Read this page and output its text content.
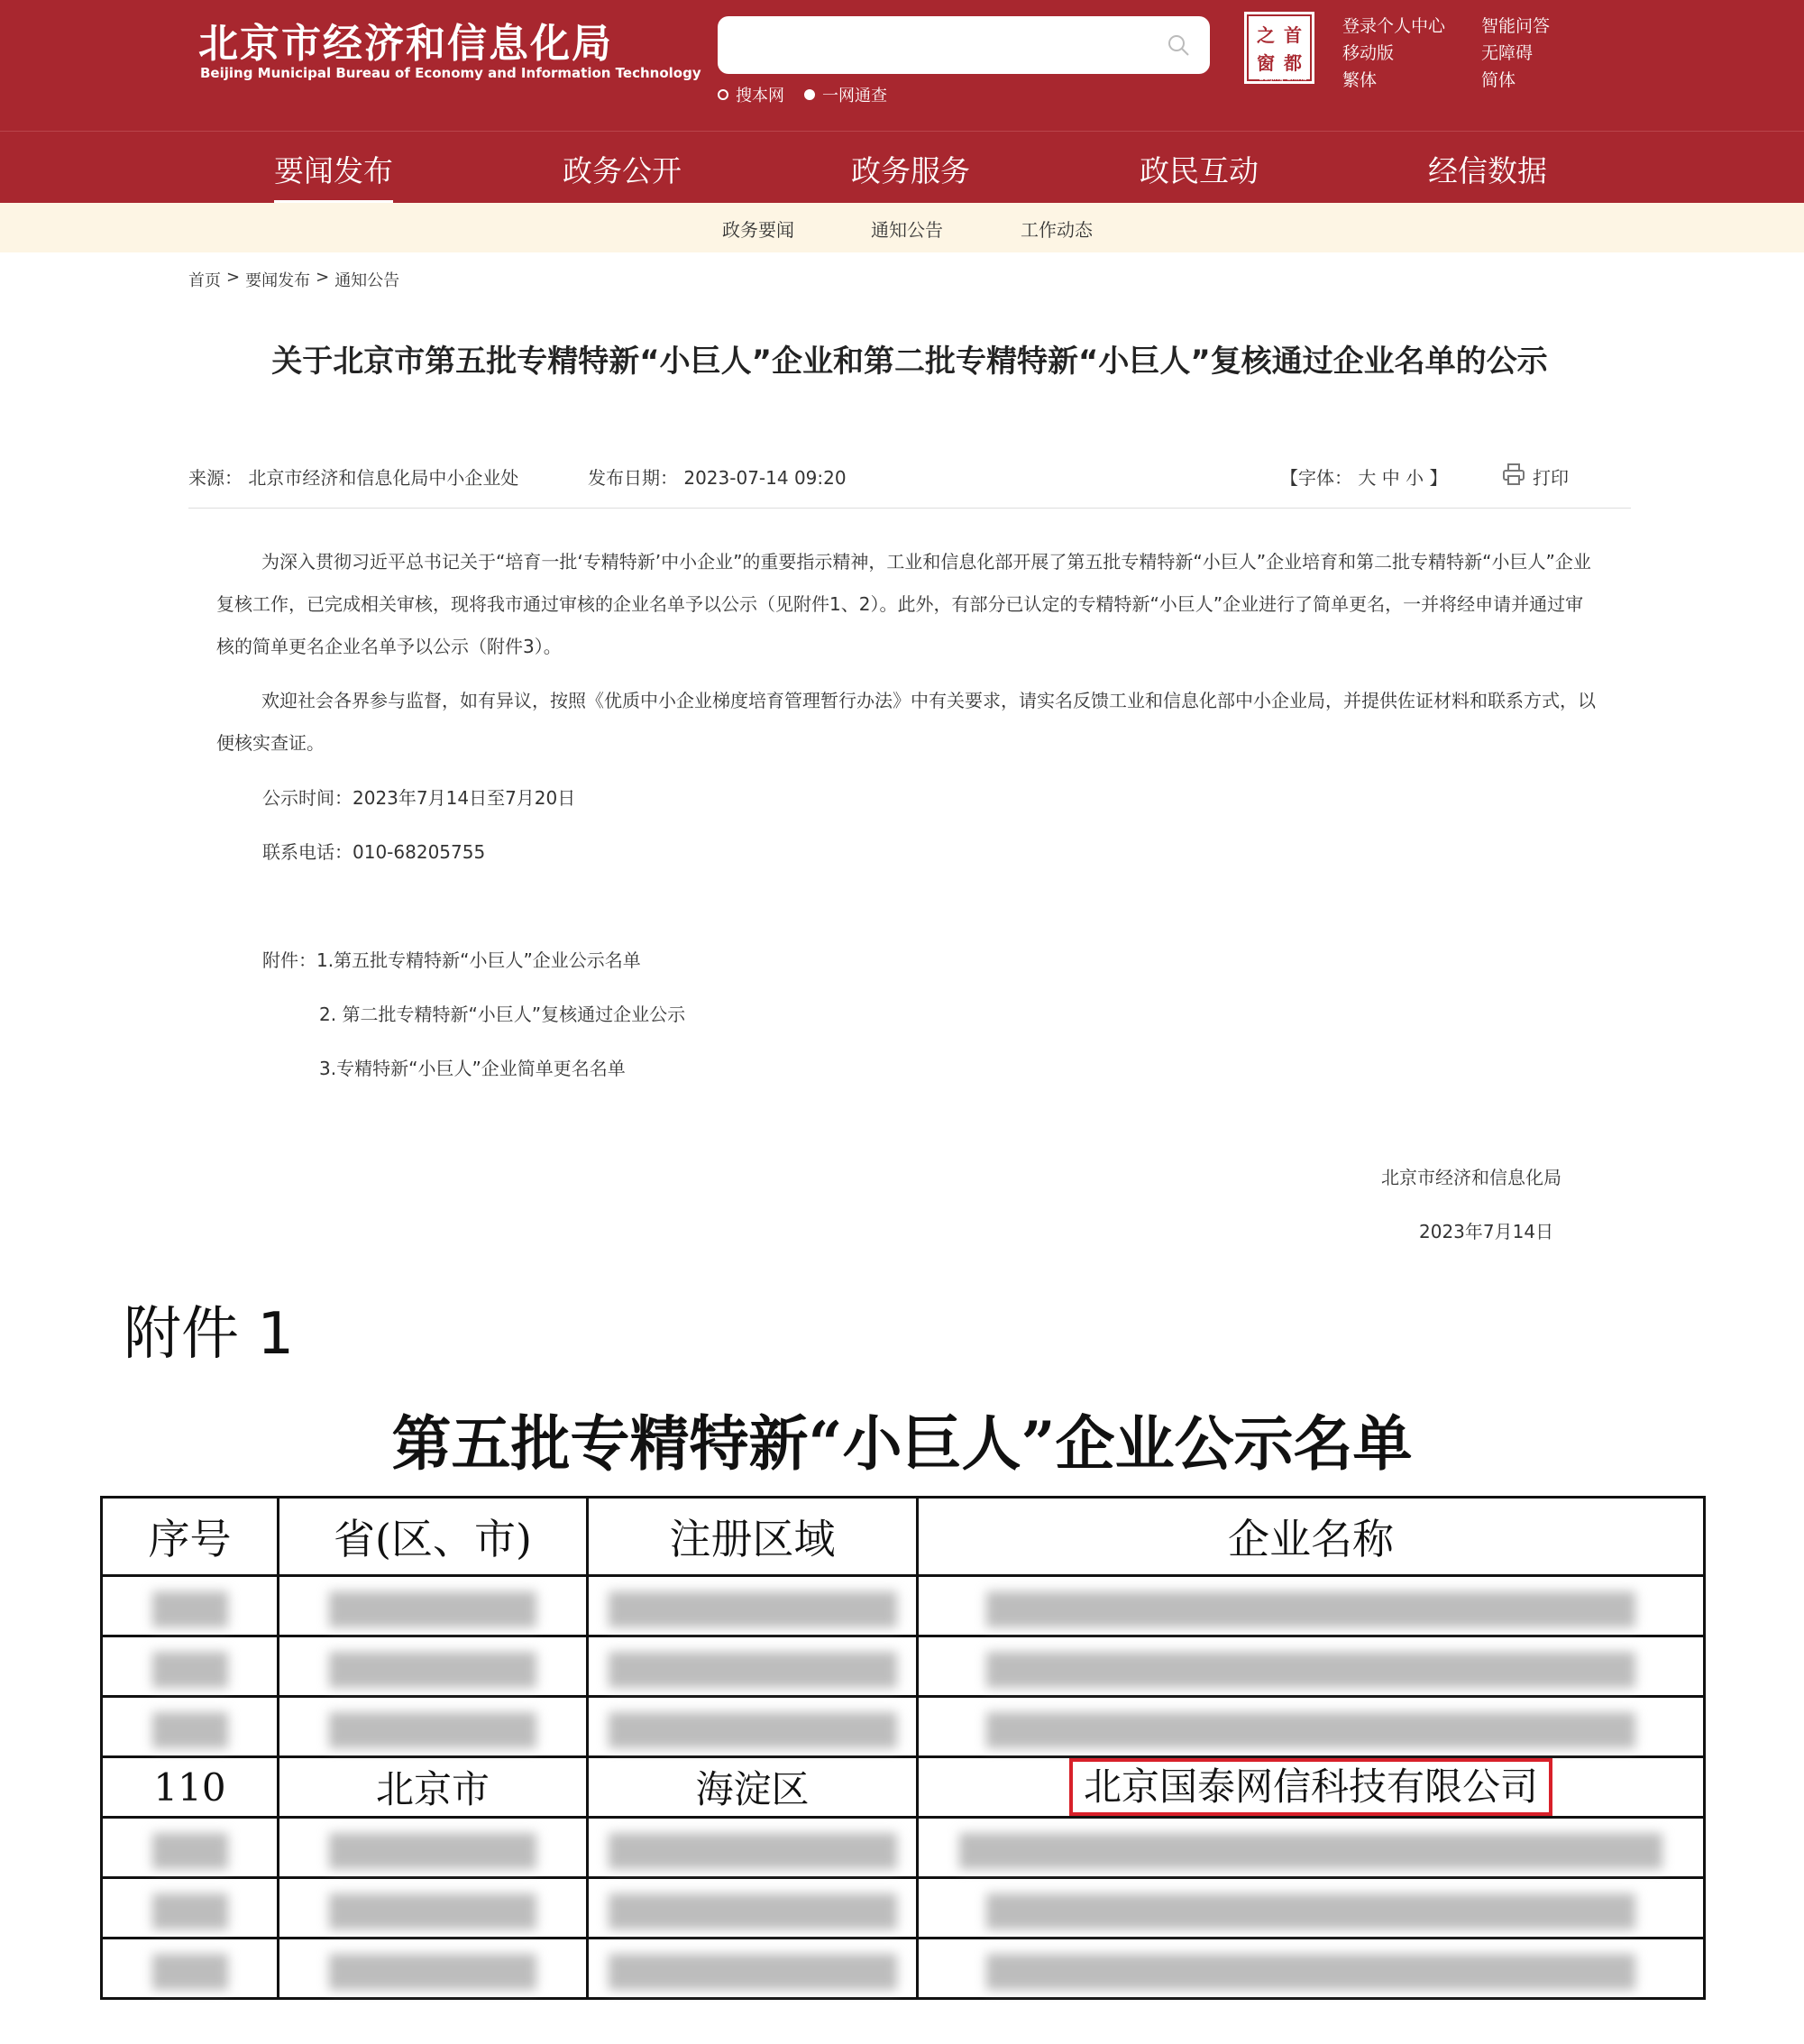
北京市经济和信息化局
Beijing Municipal Bureau of Economy and Information Technology
搜本网 一网通查
之 首
窗 都
Beijing-China
登录个人中心 智能问答
移动版	无障碍
繁体	简体
要闻发布	政务公开	政务服务	政民互动	经信数据
政务要闻	通知公告	工作动态
首页 > 要闻发布 > 通知公告
关于北京市第五批专精特新“小巨人”企业和第二批专精特新“小巨人”复核通过企业名单的公示
来源： 北京市经济和信息化局中小企业处	发布日期： 2023-07-14 09:20	【字体： 大 中 小 】	打印

为深入贯彻习近平总书记关于“培育一批‘专精特新’中小企业”的重要指示精神，工业和信息化部开展了第五批专精特新“小巨人”企业培育和第二批专精特新“小巨人”企业复核工作，已完成相关审核，现将我市通过审核的企业名单予以公示（见附件1、2）。此外，有部分已认定的专精特新“小巨人”企业进行了简单更名，一并将经申请并通过审核的简单更名企业名单予以公示（附件3）。

欢迎社会各界参与监督，如有异议，按照《优质中小企业梯度培育管理暂行办法》中有关要求，请实名反馈工业和信息化部中小企业局，并提供佐证材料和联系方式，以便核实查证。

公示时间：2023年7月14日至7月20日
联系电话：010-68205755
附件：1.第五批专精特新“小巨人”企业公示名单
2. 第二批专精特新“小巨人”复核通过企业公示
3.专精特新“小巨人”企业简单更名名单
北京市经济和信息化局
2023年7月14日
附件 1
第五批专精特新“小巨人”企业公示名单
序号	省(区、市)	注册区域	企业名称

110	北京市	海淀区	北京国泰网信科技有限公司
